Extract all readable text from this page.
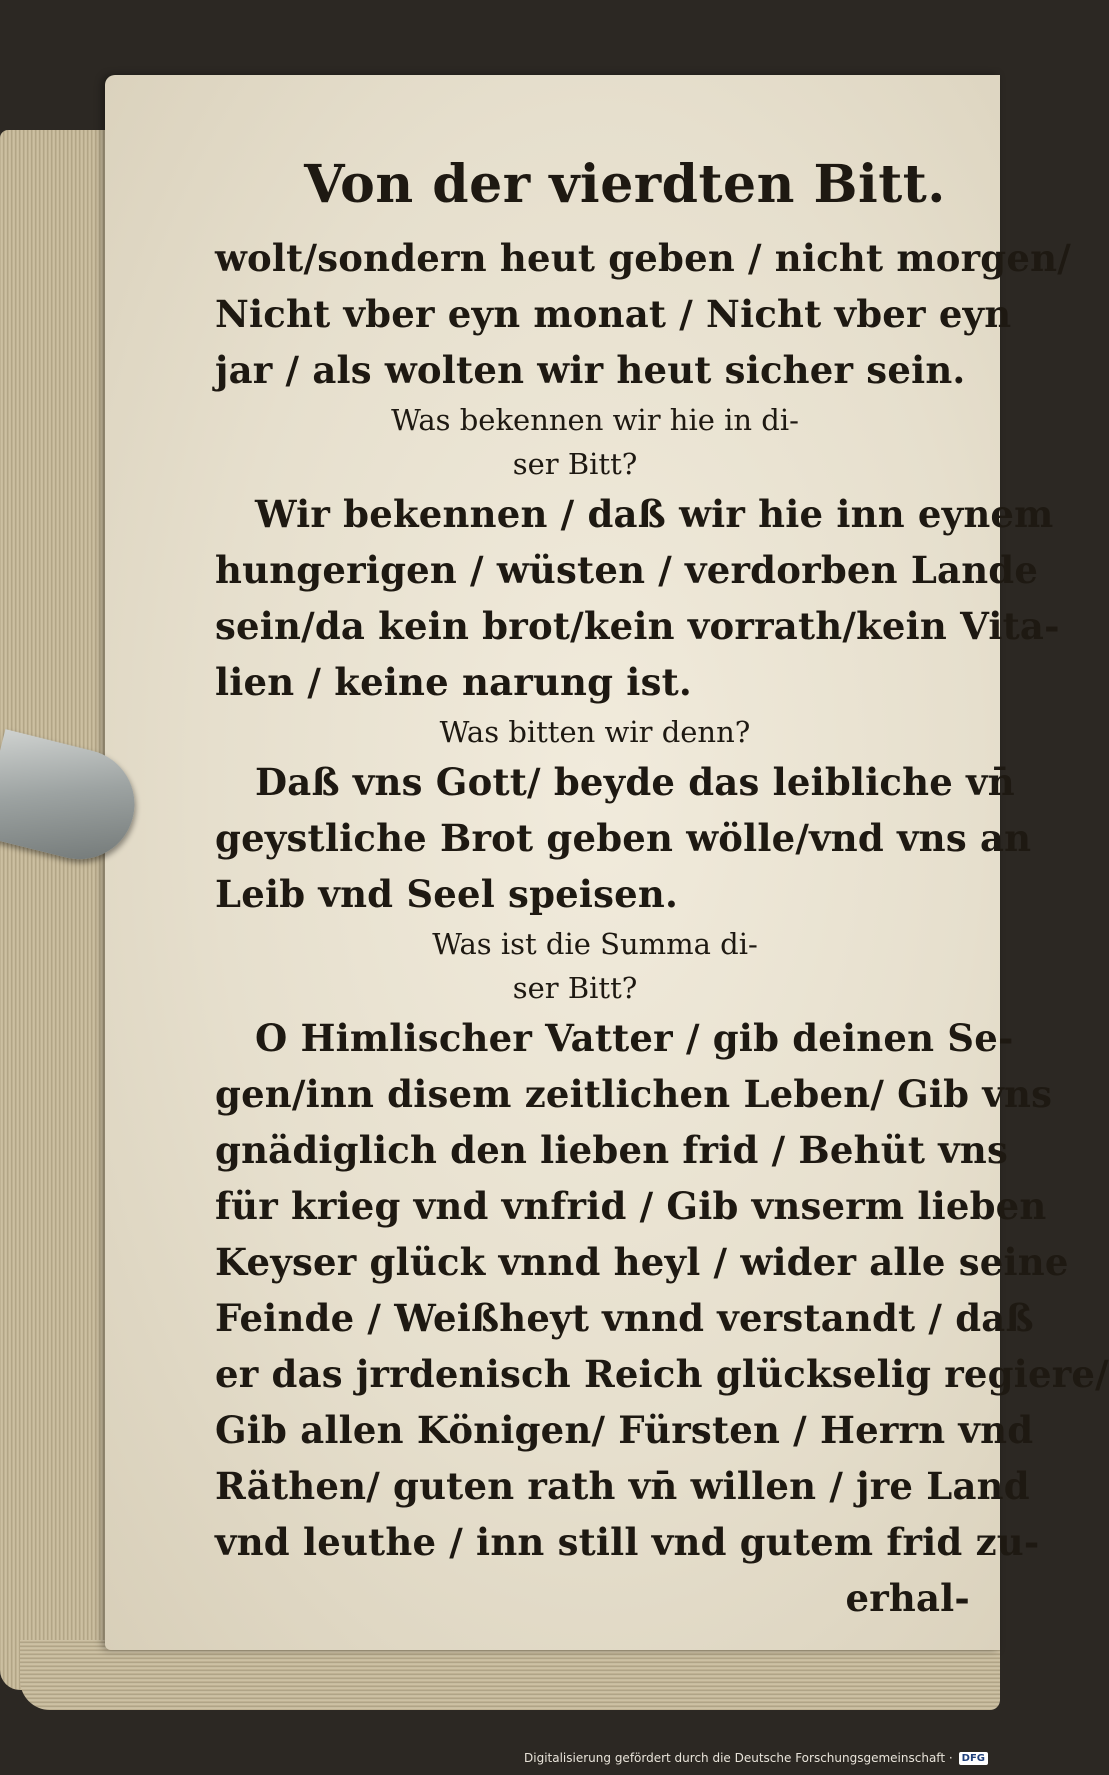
Von der vierdten Bitt.
wolt/sondern heut geben / nicht morgen/
Nicht vber eyn monat / Nicht vber eyn
jar / als wolten wir heut sicher sein.
Was bekennen wir hie in di-
ser Bitt?
Wir bekennen / daß wir hie inn eynem
hungerigen / wüsten / verdorben Lande
sein/da kein brot/kein vorrath/kein Vita-
lien / keine narung ist.
Was bitten wir denn?
Daß vns Gott/ beyde das leibliche vn̄
geystliche Brot geben wölle/vnd vns an
Leib vnd Seel speisen.
Was ist die Summa di-
ser Bitt?
O Himlischer Vatter / gib deinen Se-
gen/inn disem zeitlichen Leben/ Gib vns
gnädiglich den lieben frid / Behüt vns
für krieg vnd vnfrid / Gib vnserm lieben
Keyser glück vnnd heyl / wider alle seine
Feinde / Weißheyt vnnd verstandt / daß
er das jrrdenisch Reich glückselig regiere/
Gib allen Königen/ Fürsten / Herrn vnd
Räthen/ guten rath vn̄ willen / jre Land
vnd leuthe / inn still vnd gutem frid zu-
erhal-
Digitalisierung gefördert durch die Deutsche Forschungsgemeinschaft · DFG
